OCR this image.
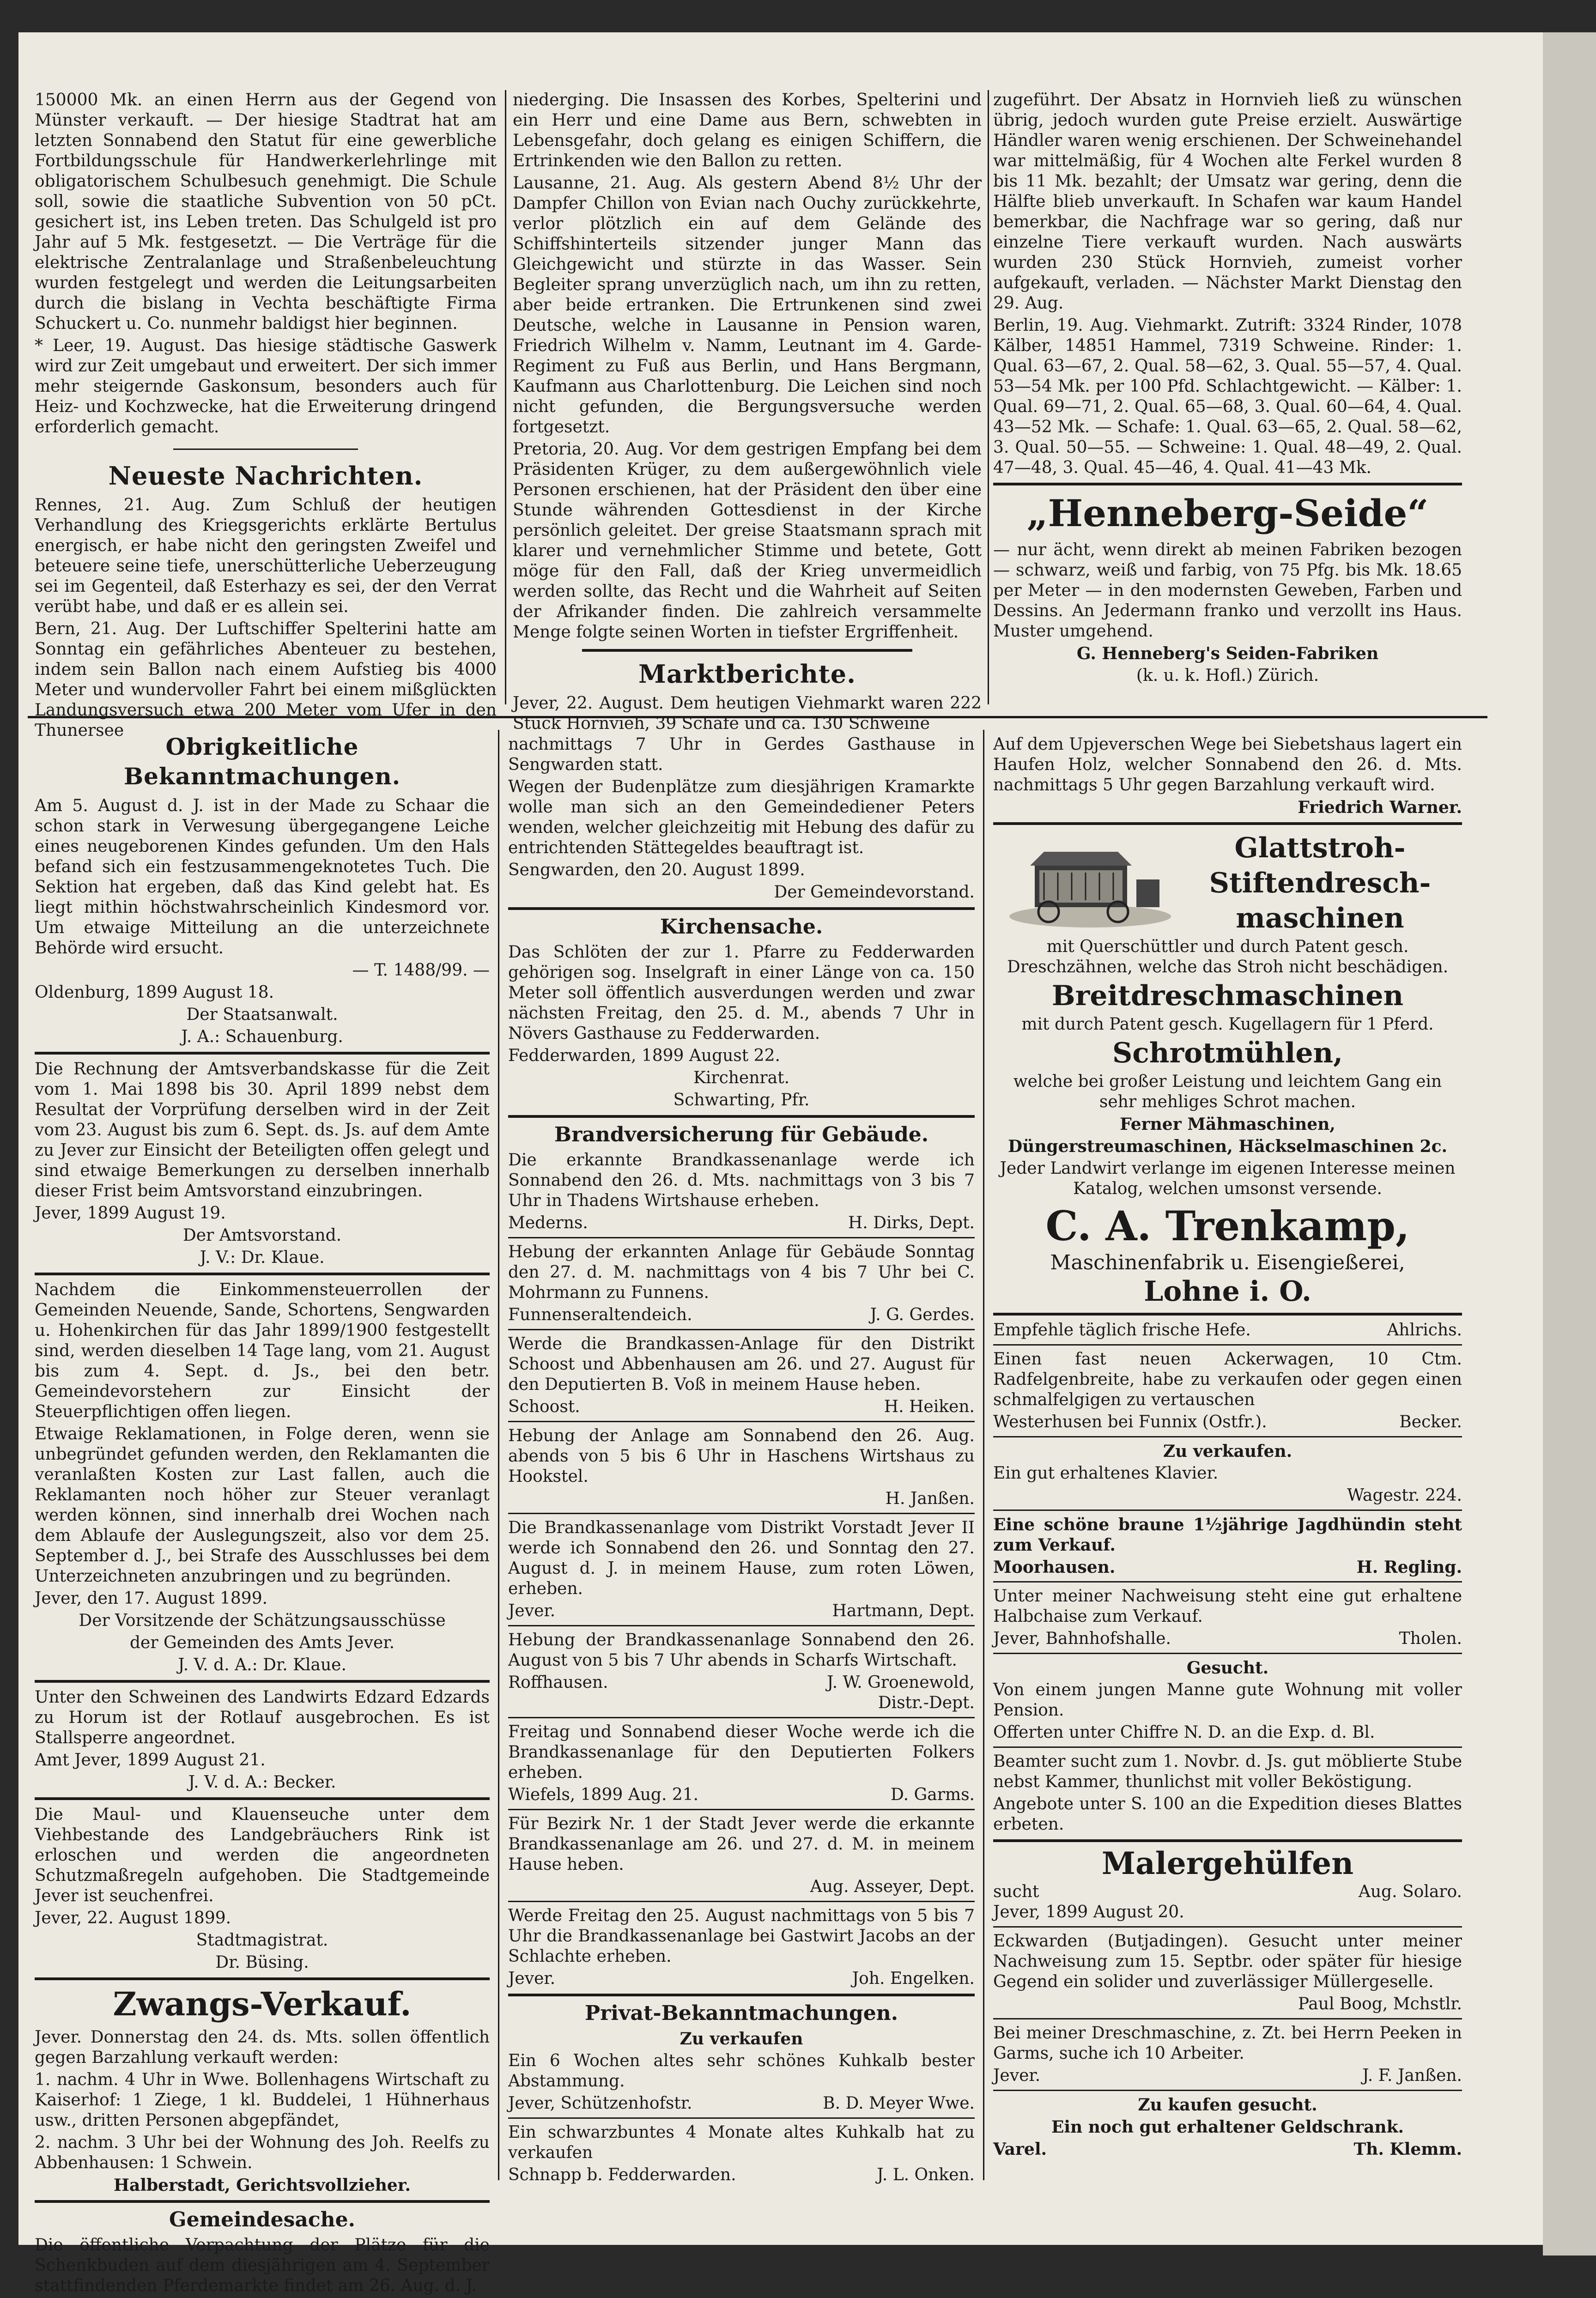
150000 Mk. an einen Herrn aus der Gegend von Münster verkauft. — Der hiesige Stadtrat hat am letzten Sonnabend den Statut für eine gewerbliche Fortbildungsschule für Handwerkerlehrlinge mit obligatorischem Schulbesuch genehmigt. Die Schule soll, sowie die staatliche Subvention von 50 pCt. gesichert ist, ins Leben treten. Das Schulgeld ist pro Jahr auf 5 Mk. festgesetzt. — Die Verträge für die elektrische Zentralanlage und Straßenbeleuchtung wurden festgelegt und werden die Leitungsarbeiten durch die bislang in Vechta beschäftigte Firma Schuckert u. Co. nunmehr baldigst hier beginnen.

* Leer, 19. August. Das hiesige städtische Gaswerk wird zur Zeit umgebaut und erweitert. Der sich immer mehr steigernde Gaskonsum, besonders auch für Heiz- und Kochzwecke, hat die Erweiterung dringend erforderlich gemacht.

Neueste Nachrichten.

Rennes, 21. Aug. Zum Schluß der heutigen Verhandlung des Kriegsgerichts erklärte Bertulus energisch, er habe nicht den geringsten Zweifel und beteuere seine tiefe, unerschütterliche Ueberzeugung sei im Gegenteil, daß Esterhazy es sei, der den Verrat verübt habe, und daß er es allein sei.

Bern, 21. Aug. Der Luftschiffer Spelterini hatte am Sonntag ein gefährliches Abenteuer zu bestehen, indem sein Ballon nach einem Aufstieg bis 4000 Meter und wundervoller Fahrt bei einem mißglückten Landungsversuch etwa 200 Meter vom Ufer in den Thunersee

niederging. Die Insassen des Korbes, Spelterini und ein Herr und eine Dame aus Bern, schwebten in Lebensgefahr, doch gelang es einigen Schiffern, die Ertrinkenden wie den Ballon zu retten.

Lausanne, 21. Aug. Als gestern Abend 8½ Uhr der Dampfer Chillon von Evian nach Ouchy zurückkehrte, verlor plötzlich ein auf dem Gelände des Schiffshinterteils sitzender junger Mann das Gleichgewicht und stürzte in das Wasser. Sein Begleiter sprang unverzüglich nach, um ihn zu retten, aber beide ertranken. Die Ertrunkenen sind zwei Deutsche, welche in Lausanne in Pension waren, Friedrich Wilhelm v. Namm, Leutnant im 4. Garde-Regiment zu Fuß aus Berlin, und Hans Bergmann, Kaufmann aus Charlottenburg. Die Leichen sind noch nicht gefunden, die Bergungsversuche werden fortgesetzt.

Pretoria, 20. Aug. Vor dem gestrigen Empfang bei dem Präsidenten Krüger, zu dem außergewöhnlich viele Personen erschienen, hat der Präsident den über eine Stunde währenden Gottesdienst in der Kirche persönlich geleitet. Der greise Staatsmann sprach mit klarer und vernehmlicher Stimme und betete, Gott möge für den Fall, daß der Krieg unvermeidlich werden sollte, das Recht und die Wahrheit auf Seiten der Afrikander finden. Die zahlreich versammelte Menge folgte seinen Worten in tiefster Ergriffenheit.

Marktberichte.

Jever, 22. August. Dem heutigen Viehmarkt waren 222 Stück Hornvieh, 39 Schafe und ca. 130 Schweine

zugeführt. Der Absatz in Hornvieh ließ zu wünschen übrig, jedoch wurden gute Preise erzielt. Auswärtige Händler waren wenig erschienen. Der Schweinehandel war mittelmäßig, für 4 Wochen alte Ferkel wurden 8 bis 11 Mk. bezahlt; der Umsatz war gering, denn die Hälfte blieb unverkauft. In Schafen war kaum Handel bemerkbar, die Nachfrage war so gering, daß nur einzelne Tiere verkauft wurden. Nach auswärts wurden 230 Stück Hornvieh, zumeist vorher aufgekauft, verladen. — Nächster Markt Dienstag den 29. Aug.

Berlin, 19. Aug. Viehmarkt. Zutrift: 3324 Rinder, 1078 Kälber, 14851 Hammel, 7319 Schweine. Rinder: 1. Qual. 63—67, 2. Qual. 58—62, 3. Qual. 55—57, 4. Qual. 53—54 Mk. per 100 Pfd. Schlachtgewicht. — Kälber: 1. Qual. 69—71, 2. Qual. 65—68, 3. Qual. 60—64, 4. Qual. 43—52 Mk. — Schafe: 1. Qual. 63—65, 2. Qual. 58—62, 3. Qual. 50—55. — Schweine: 1. Qual. 48—49, 2. Qual. 47—48, 3. Qual. 45—46, 4. Qual. 41—43 Mk.

„Henneberg-Seide“

— nur ächt, wenn direkt ab meinen Fabriken bezogen — schwarz, weiß und farbig, von 75 Pfg. bis Mk. 18.65 per Meter — in den modernsten Geweben, Farben und Dessins. An Jedermann franko und verzollt ins Haus. Muster umgehend.

G. Henneberg's Seiden-Fabriken

(k. u. k. Hofl.) Zürich.

Obrigkeitliche Bekanntmachungen.

Am 5. August d. J. ist in der Made zu Schaar die schon stark in Verwesung übergegangene Leiche eines neugeborenen Kindes gefunden. Um den Hals befand sich ein festzusammengeknotetes Tuch. Die Sektion hat ergeben, daß das Kind gelebt hat. Es liegt mithin höchstwahrscheinlich Kindesmord vor. Um etwaige Mitteilung an die unterzeichnete Behörde wird ersucht.

— T. 1488/99. —

Oldenburg, 1899 August 18.

Der Staatsanwalt.

J. A.: Schauenburg.

Die Rechnung der Amtsverbandskasse für die Zeit vom 1. Mai 1898 bis 30. April 1899 nebst dem Resultat der Vorprüfung derselben wird in der Zeit vom 23. August bis zum 6. Sept. ds. Js. auf dem Amte zu Jever zur Einsicht der Beteiligten offen gelegt und sind etwaige Bemerkungen zu derselben innerhalb dieser Frist beim Amtsvorstand einzubringen.

Jever, 1899 August 19.

Der Amtsvorstand.

J. V.: Dr. Klaue.

Nachdem die Einkommensteuerrollen der Gemeinden Neuende, Sande, Schortens, Sengwarden u. Hohenkirchen für das Jahr 1899/1900 festgestellt sind, werden dieselben 14 Tage lang, vom 21. August bis zum 4. Sept. d. Js., bei den betr. Gemeindevorstehern zur Einsicht der Steuerpflichtigen offen liegen.

Etwaige Reklamationen, in Folge deren, wenn sie unbegründet gefunden werden, den Reklamanten die veranlaßten Kosten zur Last fallen, auch die Reklamanten noch höher zur Steuer veranlagt werden können, sind innerhalb drei Wochen nach dem Ablaufe der Auslegungszeit, also vor dem 25. September d. J., bei Strafe des Ausschlusses bei dem Unterzeichneten anzubringen und zu begründen.

Jever, den 17. August 1899.

Der Vorsitzende der Schätzungsausschüsse

der Gemeinden des Amts Jever.

J. V. d. A.: Dr. Klaue.

Unter den Schweinen des Landwirts Edzard Edzards zu Horum ist der Rotlauf ausgebrochen. Es ist Stallsperre angeordnet.

Amt Jever, 1899 August 21.

J. V. d. A.: Becker.

Die Maul- und Klauenseuche unter dem Viehbestande des Landgebräuchers Rink ist erloschen und werden die angeordneten Schutzmaßregeln aufgehoben. Die Stadtgemeinde Jever ist seuchenfrei.

Jever, 22. August 1899.

Stadtmagistrat.

Dr. Büsing.

Zwangs-Verkauf.

Jever. Donnerstag den 24. ds. Mts. sollen öffentlich gegen Barzahlung verkauft werden:

1. nachm. 4 Uhr in Wwe. Bollenhagens Wirtschaft zu Kaiserhof: 1 Ziege, 1 kl. Buddelei, 1 Hühnerhaus usw., dritten Personen abgepfändet,

2. nachm. 3 Uhr bei der Wohnung des Joh. Reelfs zu Abbenhausen: 1 Schwein.

Halberstadt, Gerichtsvollzieher.

Gemeindesache.

Die öffentliche Verpachtung der Plätze für die Schenkbuden auf dem diesjährigen am 4. September stattfindenden Pferdemarkte findet am 26. Aug. d. J.

nachmittags 7 Uhr in Gerdes Gasthause in Sengwarden statt.

Wegen der Budenplätze zum diesjährigen Kramarkte wolle man sich an den Gemeindediener Peters wenden, welcher gleichzeitig mit Hebung des dafür zu entrichtenden Stättegeldes beauftragt ist.

Sengwarden, den 20. August 1899.

Der Gemeindevorstand.

Kirchensache.

Das Schlöten der zur 1. Pfarre zu Fedderwarden gehörigen sog. Inselgraft in einer Länge von ca. 150 Meter soll öffentlich ausverdungen werden und zwar nächsten Freitag, den 25. d. M., abends 7 Uhr in Növers Gasthause zu Fedderwarden.

Fedderwarden, 1899 August 22.

Kirchenrat.

Schwarting, Pfr.

Brandversicherung für Gebäude.

Die erkannte Brandkassenanlage werde ich Sonnabend den 26. d. Mts. nachmittags von 3 bis 7 Uhr in Thadens Wirtshause erheben.

Mederns.	H. Dirks, Dept.

Hebung der erkannten Anlage für Gebäude Sonntag den 27. d. M. nachmittags von 4 bis 7 Uhr bei C. Mohrmann zu Funnens.

Funnenseraltendeich.	J. G. Gerdes.

Werde die Brandkassen-Anlage für den Distrikt Schoost und Abbenhausen am 26. und 27. August für den Deputierten B. Voß in meinem Hause heben.

Schoost.	H. Heiken.

Hebung der Anlage am Sonnabend den 26. Aug. abends von 5 bis 6 Uhr in Haschens Wirtshaus zu Hookstel.

H. Janßen.

Die Brandkassenanlage vom Distrikt Vorstadt Jever II werde ich Sonnabend den 26. und Sonntag den 27. August d. J. in meinem Hause, zum roten Löwen, erheben.

Jever.	Hartmann, Dept.

Hebung der Brandkassenanlage Sonnabend den 26. August von 5 bis 7 Uhr abends in Scharfs Wirtschaft.

Roffhausen.	J. W. Groenewold,

Distr.-Dept.

Freitag und Sonnabend dieser Woche werde ich die Brandkassenanlage für den Deputierten Folkers erheben.

Wiefels, 1899 Aug. 21.	D. Garms.

Für Bezirk Nr. 1 der Stadt Jever werde die erkannte Brandkassenanlage am 26. und 27. d. M. in meinem Hause heben.

Aug. Asseyer, Dept.

Werde Freitag den 25. August nachmittags von 5 bis 7 Uhr die Brandkassenanlage bei Gastwirt Jacobs an der Schlachte erheben.

Jever.	Joh. Engelken.
Privat-Bekanntmachungen.

Zu verkaufen

Ein 6 Wochen altes sehr schönes Kuhkalb bester Abstammung.

Jever, Schützenhofstr.	B. D. Meyer Wwe.

Ein schwarzbuntes 4 Monate altes Kuhkalb hat zu verkaufen

Schnapp b. Fedderwarden.	J. L. Onken.

Auf dem Upjeverschen Wege bei Siebetshaus lagert ein Haufen Holz, welcher Sonnabend den 26. d. Mts. nachmittags 5 Uhr gegen Barzahlung verkauft wird.

Friedrich Warner.

Glattstroh-
Stiftendresch-
maschinen

mit Querschüttler und durch Patent gesch. Dreschzähnen, welche das Stroh nicht beschädigen.

Breitdreschmaschinen

mit durch Patent gesch. Kugellagern für 1 Pferd.

Schrotmühlen,

welche bei großer Leistung und leichtem Gang ein sehr mehliges Schrot machen.

Ferner Mähmaschinen,

Düngerstreumaschinen, Häckselmaschinen 2c.

Jeder Landwirt verlange im eigenen Interesse meinen Katalog, welchen umsonst versende.

C. A. Trenkamp,

Maschinenfabrik u. Eisengießerei,

Lohne i. O.
Empfehle täglich frische Hefe.	Ahlrichs.

Einen fast neuen Ackerwagen, 10 Ctm. Radfelgenbreite, habe zu verkaufen oder gegen einen schmalfelgigen zu vertauschen

Westerhusen bei Funnix (Ostfr.).	Becker.

Zu verkaufen.

Ein gut erhaltenes Klavier.

Wagestr. 224.

Eine schöne braune 1½jährige Jagdhündin steht zum Verkauf.

Moorhausen.	H. Regling.

Unter meiner Nachweisung steht eine gut erhaltene Halbchaise zum Verkauf.

Jever, Bahnhofshalle.	Tholen.

Gesucht.

Von einem jungen Manne gute Wohnung mit voller Pension.

Offerten unter Chiffre N. D. an die Exp. d. Bl.

Beamter sucht zum 1. Novbr. d. Js. gut möblierte Stube nebst Kammer, thunlichst mit voller Beköstigung.

Angebote unter S. 100 an die Expedition dieses Blattes erbeten.

Malergehülfen
sucht	Aug. Solaro.

Jever, 1899 August 20.

Eckwarden (Butjadingen). Gesucht unter meiner Nachweisung zum 15. Septbr. oder später für hiesige Gegend ein solider und zuverlässiger Müllergeselle.

Paul Boog, Mchstlr.

Bei meiner Dreschmaschine, z. Zt. bei Herrn Peeken in Garms, suche ich 10 Arbeiter.

Jever.	J. F. Janßen.

Zu kaufen gesucht.

Ein noch gut erhaltener Geldschrank.

Varel.	Th. Klemm.
